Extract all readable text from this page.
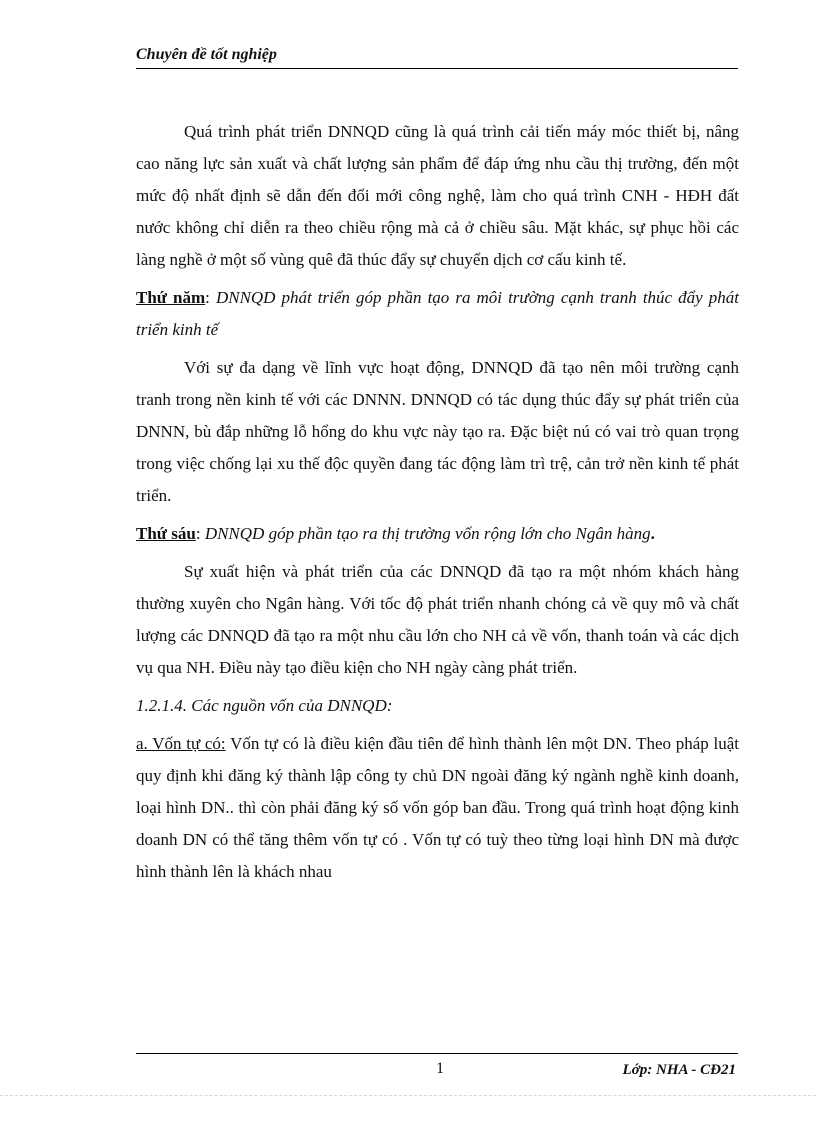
Chuyên đề tốt nghiệp

Quá trình phát triển DNNQD cũng là quá trình cải tiến máy móc thiết bị, nâng cao năng lực sản xuất và chất lượng sản phẩm để đáp ứng nhu cầu thị trường, đến một mức độ nhất định sẽ dẫn đến đổi mới công nghệ, làm cho quá trình CNH - HĐH đất nước không chỉ diễn ra theo chiều rộng mà cả ở chiều sâu. Mặt khác, sự phục hồi các làng nghề ở một số vùng quê đã thúc đẩy sự chuyển dịch cơ cấu kinh tế.

Thứ năm: DNNQD phát triển góp phần tạo ra môi trường cạnh tranh thúc đẩy phát triển kinh tế

Với sự đa dạng về lĩnh vực hoạt động, DNNQD đã tạo nên môi trường cạnh tranh trong nền kinh tế với các DNNN. DNNQD có tác dụng thúc đẩy sự phát triển của DNNN, bù đắp những lỗ hổng do khu vực này tạo ra. Đặc biệt nú có vai trò quan trọng trong việc chống lại xu thế độc quyền đang tác động làm trì trệ, cản trở nền kinh tế phát triển.

Thứ sáu: DNNQD góp phần tạo ra thị trường vốn rộng lớn cho Ngân hàng.

Sự xuất hiện và phát triển của các DNNQD đã tạo ra một nhóm khách hàng thường xuyên cho Ngân hàng. Với tốc độ phát triển nhanh chóng cả về quy mô và chất lượng các DNNQD đã tạo ra một nhu cầu lớn cho NH cả về vốn, thanh toán và các dịch vụ qua NH. Điều này tạo điều kiện cho NH ngày càng phát triển.

1.2.1.4. Các nguồn vốn của DNNQD:

a. Vốn tự có: Vốn tự có là điều kiện đầu tiên để hình thành lên một DN. Theo pháp luật quy định khi đăng ký thành lập công ty chủ DN ngoài đăng ký ngành nghề kinh doanh, loại hình DN.. thì còn phải đăng ký số vốn góp ban đầu. Trong quá trình hoạt động kinh doanh DN có thể tăng thêm vốn tự có . Vốn tự có tuỳ theo từng loại hình DN mà được hình thành lên là khách nhau

1	Lớp: NHA - CĐ21
